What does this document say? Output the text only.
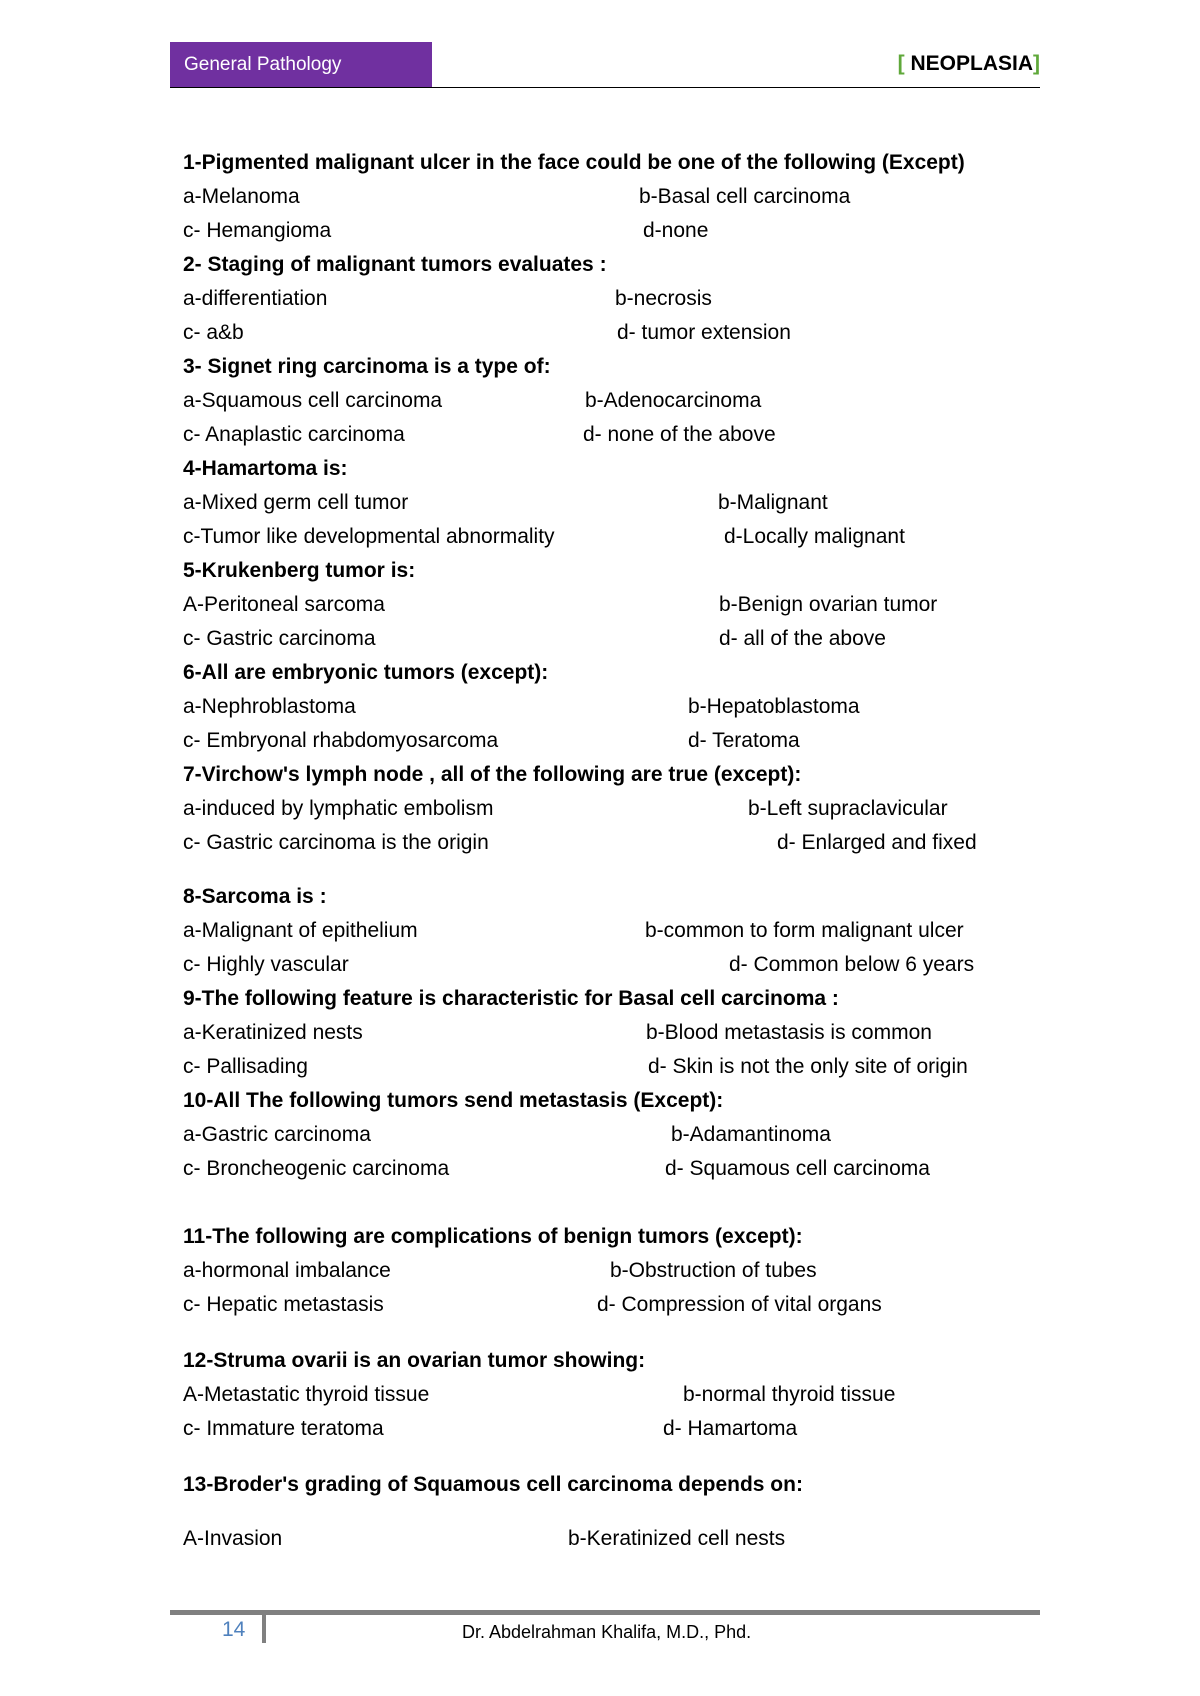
General Pathology	[ NEOPLASIA]
1-Pigmented malignant ulcer in the face could be one of the following (Except)
a-Melanoma	b-Basal cell carcinoma
c- Hemangioma	d-none
2- Staging of malignant tumors evaluates :
a-differentiation	b-necrosis
c- a&b	d- tumor extension
3- Signet ring carcinoma is a type of:
a-Squamous cell carcinoma	b-Adenocarcinoma
c- Anaplastic carcinoma	d- none of the above
4-Hamartoma is:
a-Mixed germ cell tumor	b-Malignant
c-Tumor like developmental abnormality	d-Locally malignant
5-Krukenberg tumor is:
A-Peritoneal sarcoma	b-Benign ovarian tumor
c- Gastric carcinoma	d- all of the above
6-All are embryonic tumors (except):
a-Nephroblastoma	b-Hepatoblastoma
c- Embryonal rhabdomyosarcoma	d- Teratoma
7-Virchow's lymph node , all of the following are true (except):
a-induced by lymphatic embolism	b-Left supraclavicular
c- Gastric carcinoma is the origin	d- Enlarged and fixed
8-Sarcoma is :
a-Malignant of epithelium	b-common to form malignant ulcer
c- Highly vascular	d- Common below 6 years
9-The following feature is characteristic for Basal cell carcinoma :
a-Keratinized nests	b-Blood metastasis is common
c- Pallisading	d- Skin is not the only site of origin
10-All The following tumors send metastasis (Except):
a-Gastric carcinoma	b-Adamantinoma
c- Broncheogenic carcinoma	d- Squamous cell carcinoma
11-The following are complications of benign tumors (except):
a-hormonal imbalance	b-Obstruction of tubes
c- Hepatic metastasis	d- Compression of vital organs
12-Struma ovarii is an ovarian tumor showing:
A-Metastatic thyroid tissue	b-normal thyroid tissue
c- Immature teratoma	d- Hamartoma
13-Broder's grading of Squamous cell carcinoma depends on:
A-Invasion	b-Keratinized cell nests
14	Dr. Abdelrahman Khalifa, M.D., Phd.
